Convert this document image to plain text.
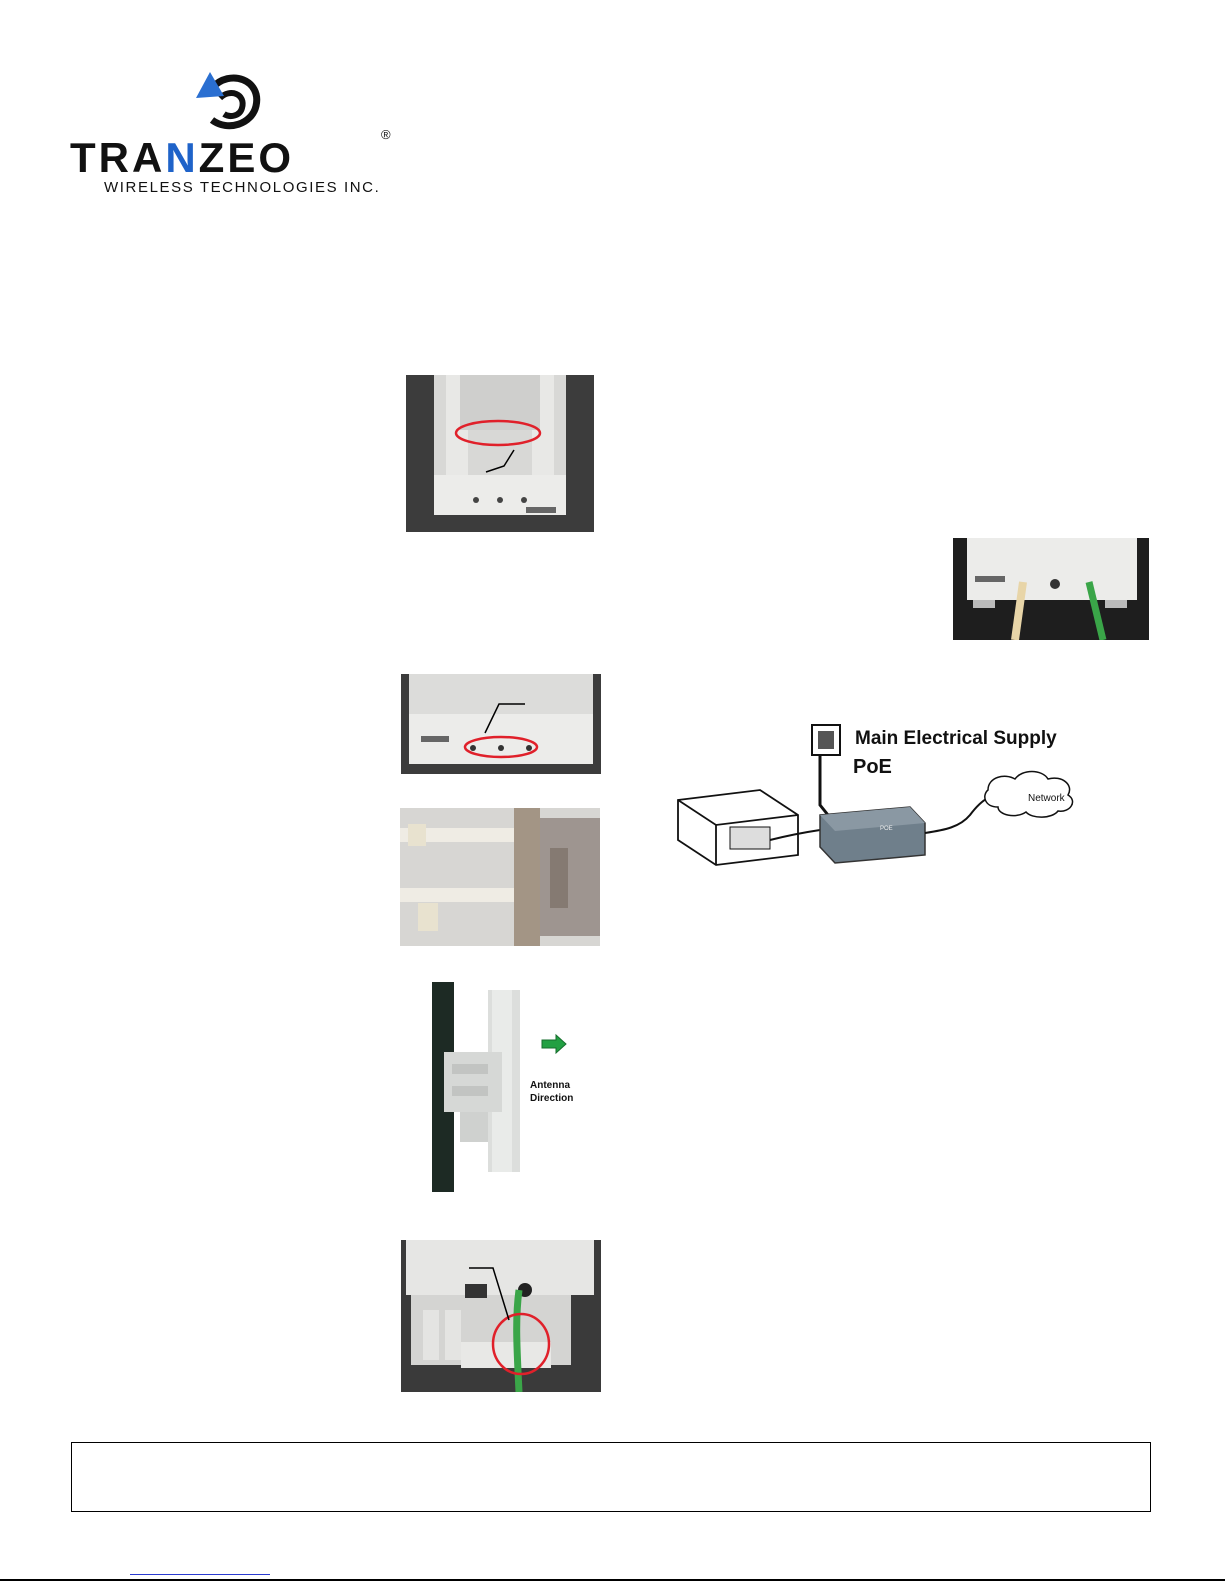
TRANZEO	®
WIRELESS TECHNOLOGIES INC.
Antenna
Direction
POE
Main Electrical Supply
PoE
Network
